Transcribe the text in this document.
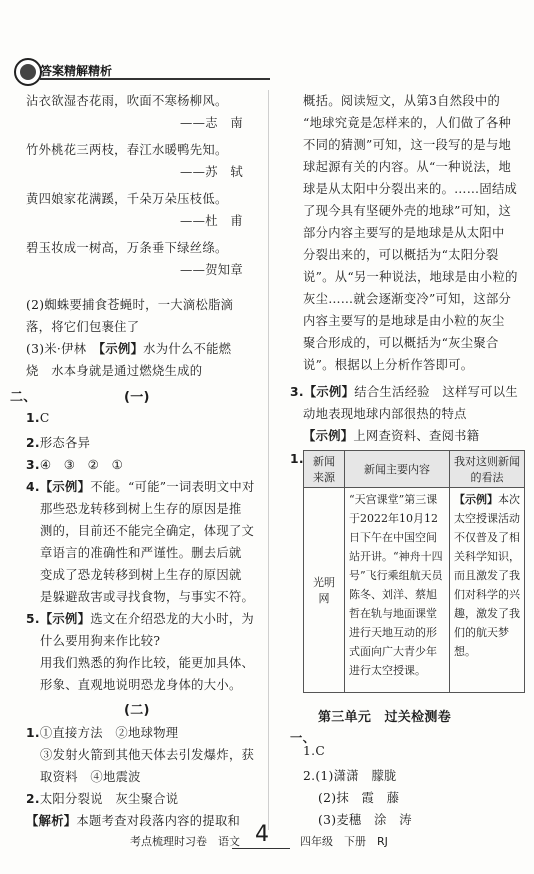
答案精解精析
沾衣欲湿杏花雨，吹面不寒杨柳风。
——志　南
竹外桃花三两枝，春江水暖鸭先知。
——苏　轼
黄四娘家花满蹊，千朵万朵压枝低。
——杜　甫
碧玉妆成一树高，万条垂下绿丝绦。
——贺知章
(2)蜘蛛要捕食苍蝇时，一大滴松脂滴
落，将它们包裹住了
(3)米·伊林　【示例】水为什么不能燃
烧　水本身就是通过燃烧生成的
二、	(一)
1.C
2.形态各异
3.④　③　②　①
4.【示例】不能。“可能”一词表明文中对
那些恐龙转移到树上生存的原因是推
测的，目前还不能完全确定，体现了文
章语言的准确性和严谨性。删去后就
变成了恐龙转移到树上生存的原因就
是躲避敌害或寻找食物，与事实不符。
5.【示例】选文在介绍恐龙的大小时，为
什么要用狗来作比较?
用我们熟悉的狗作比较，能更加具体、
形象、直观地说明恐龙身体的大小。
(二)
1.①直接方法　②地球物理
③发射火箭到其他天体去引发爆炸，获
取资料　④地震波
2.太阳分裂说　灰尘聚合说
【解析】本题考查对段落内容的提取和
概括。阅读短文，从第3自然段中的
“地球究竟是怎样来的，人们做了各种
不同的猜测”可知，这一段写的是与地
球起源有关的内容。从“一种说法，地
球是从太阳中分裂出来的。……固结成
了现今具有坚硬外壳的地球”可知，这
部分内容主要写的是地球是从太阳中
分裂出来的，可以概括为“太阳分裂
说”。从“另一种说法，地球是由小粒的
灰尘……就会逐渐变冷”可知，这部分
内容主要写的是地球是由小粒的灰尘
聚合形成的，可以概括为“灰尘聚合
说”。根据以上分析作答即可。
3.【示例】结合生活经验　这样写可以生
动地表现地球内部很热的特点
【示例】上网查资料、查阅书籍
1. 新闻来源	新闻主要内容	我对这则新闻的看法
光明网	“天宫课堂”第三课于2022年10月12日下午在中国空间站开讲。“神舟十四号”飞行乘组航天员陈冬、刘洋、蔡旭哲在轨与地面课堂进行天地互动的形式面向广大青少年进行太空授课。	【示例】本次太空授课活动不仅普及了相关科学知识，而且激发了我们对科学的兴趣，激发了我们的航天梦想。
第三单元　过关检测卷
一、
1.C
2.(1)潇潇　朦胧
(2)抹　霞　藤
(3)麦穗　涂　涛
考点梳理时习卷　语文 4	四年级　下册　RJ
